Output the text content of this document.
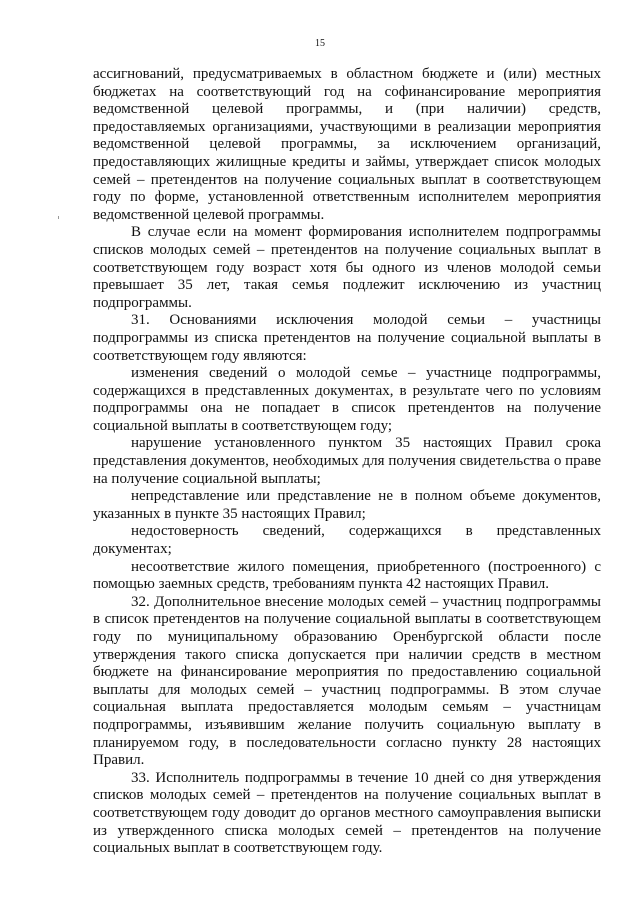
15

ассигнований, предусматриваемых в областном бюджете и (или) местных бюджетах на соответствующий год на софинансирование мероприятия ведомственной целевой программы, и (при наличии) средств, предоставляемых организациями, участвующими в реализации мероприятия ведомственной целевой программы, за исключением организаций, предоставляющих жилищные кредиты и займы, утверждает список молодых семей – претендентов на получение социальных выплат в соответствующем году по форме, установленной ответственным исполнителем мероприятия ведомственной целевой программы.

В случае если на момент формирования исполнителем подпрограммы списков молодых семей – претендентов на получение социальных выплат в соответствующем году возраст хотя бы одного из членов молодой семьи превышает 35 лет, такая семья подлежит исключению из участниц подпрограммы.

31. Основаниями исключения молодой семьи – участницы подпрограммы из списка претендентов на получение социальной выплаты в соответствующем году являются:

изменения сведений о молодой семье – участнице подпрограммы, содержащихся в представленных документах, в результате чего по условиям подпрограммы она не попадает в список претендентов на получение социальной выплаты в соответствующем году;

нарушение установленного пунктом 35 настоящих Правил срока представления документов, необходимых для получения свидетельства о праве на получение социальной выплаты;

непредставление или представление не в полном объеме документов, указанных в пункте 35 настоящих Правил;

недостоверность сведений, содержащихся в представленных документах;

несоответствие жилого помещения, приобретенного (построенного) с помощью заемных средств, требованиям пункта 42 настоящих Правил.

32. Дополнительное внесение молодых семей – участниц подпрограммы в список претендентов на получение социальной выплаты в соответствующем году по муниципальному образованию Оренбургской области после утверждения такого списка допускается при наличии средств в местном бюджете на финансирование мероприятия по предоставлению социальной выплаты для молодых семей – участниц подпрограммы. В этом случае социальная выплата предоставляется молодым семьям – участницам подпрограммы, изъявившим желание получить социальную выплату в планируемом году, в последовательности согласно пункту 28 настоящих Правил.

33. Исполнитель подпрограммы в течение 10 дней со дня утверждения списков молодых семей – претендентов на получение социальных выплат в соответствующем году доводит до органов местного самоуправления выписки из утвержденного списка молодых семей – претендентов на получение социальных выплат в соответствующем году.
